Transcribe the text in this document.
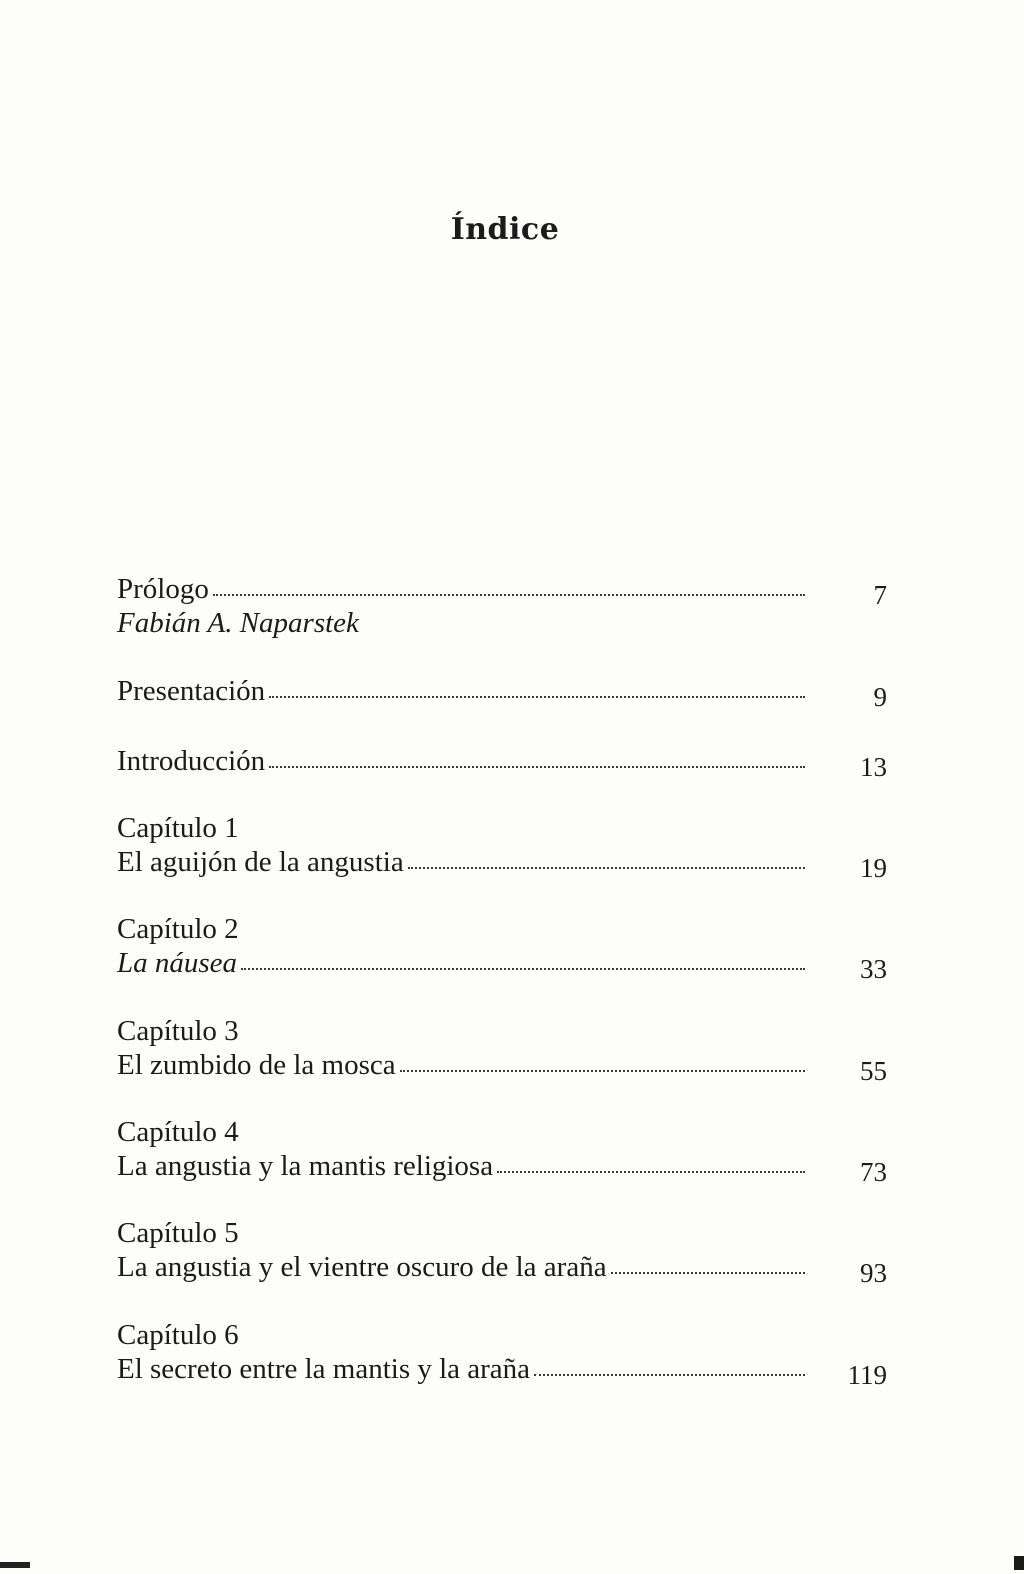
Índice
Prólogo	7
Fabián A. Naparstek
Presentación	9
Introducción	13
Capítulo 1
El aguijón de la angustia	19
Capítulo 2
La náusea	33
Capítulo 3
El zumbido de la mosca	55
Capítulo 4
La angustia y la mantis religiosa	73
Capítulo 5
La angustia y el vientre oscuro de la araña	93
Capítulo 6
El secreto entre la mantis y la araña	119
